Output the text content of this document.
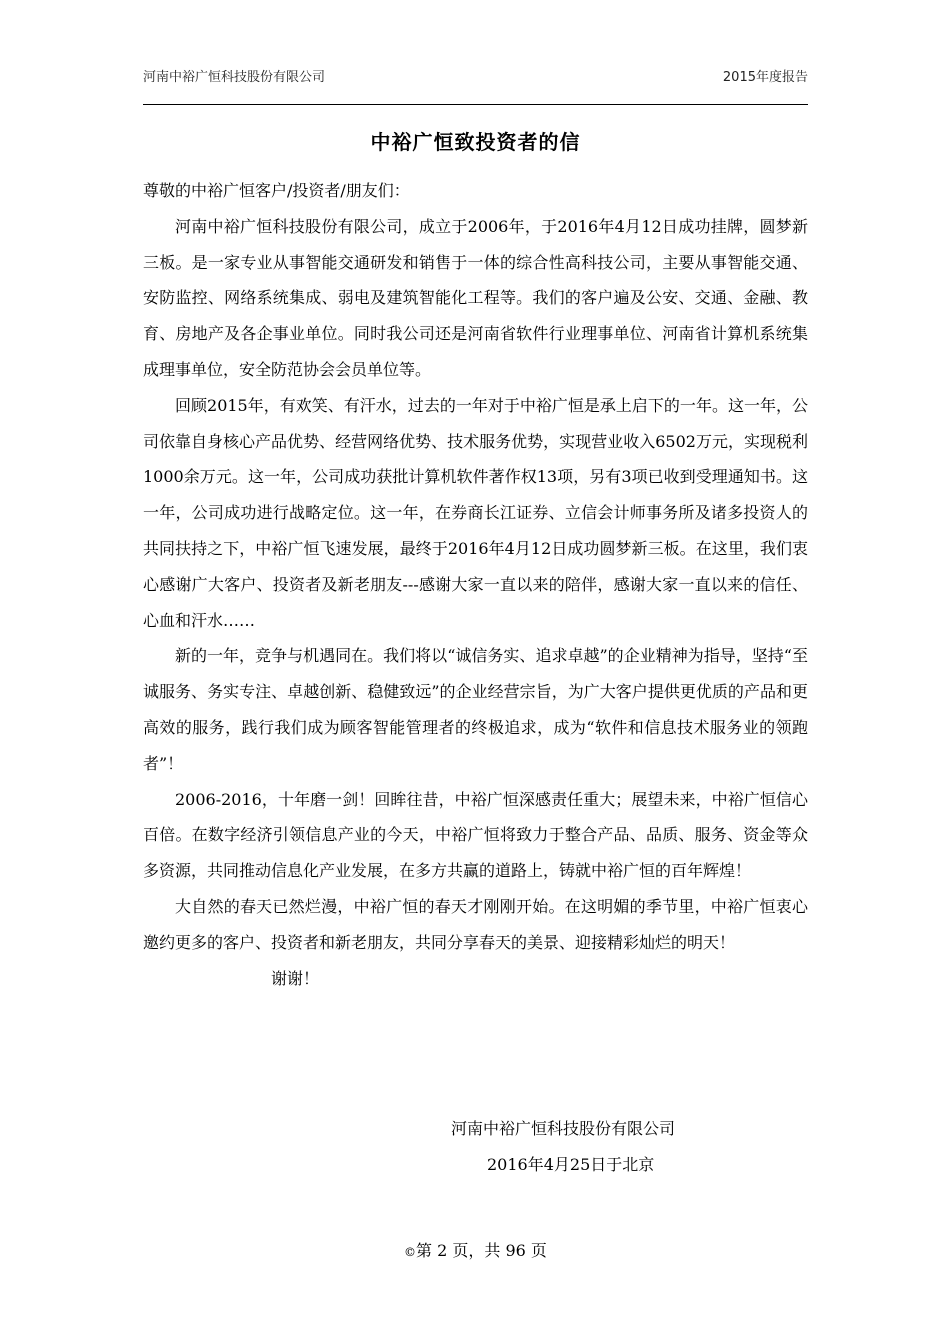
河南中裕广恒科技股份有限公司	2015年度报告
中裕广恒致投资者的信

尊敬的中裕广恒客户/投资者/朋友们：

河南中裕广恒科技股份有限公司，成立于2006年，于2016年4月12日成功挂牌，圆梦新三板。是一家专业从事智能交通研发和销售于一体的综合性高科技公司，主要从事智能交通、安防监控、网络系统集成、弱电及建筑智能化工程等。我们的客户遍及公安、交通、金融、教育、房地产及各企事业单位。同时我公司还是河南省软件行业理事单位、河南省计算机系统集成理事单位，安全防范协会会员单位等。

回顾2015年，有欢笑、有汗水，过去的一年对于中裕广恒是承上启下的一年。这一年，公司依靠自身核心产品优势、经营网络优势、技术服务优势，实现营业收入6502万元，实现税利1000余万元。这一年，公司成功获批计算机软件著作权13项，另有3项已收到受理通知书。这一年，公司成功进行战略定位。这一年，在券商长江证券、立信会计师事务所及诸多投资人的共同扶持之下，中裕广恒飞速发展，最终于2016年4月12日成功圆梦新三板。在这里，我们衷心感谢广大客户、投资者及新老朋友---感谢大家一直以来的陪伴，感谢大家一直以来的信任、心血和汗水……

新的一年，竞争与机遇同在。我们将以“诚信务实、追求卓越”的企业精神为指导，坚持“至诚服务、务实专注、卓越创新、稳健致远”的企业经营宗旨，为广大客户提供更优质的产品和更高效的服务，践行我们成为顾客智能管理者的终极追求，成为“软件和信息技术服务业的领跑者”！

2006-2016，十年磨一剑！回眸往昔，中裕广恒深感责任重大；展望未来，中裕广恒信心百倍。在数字经济引领信息产业的今天，中裕广恒将致力于整合产品、品质、服务、资金等众多资源，共同推动信息化产业发展，在多方共赢的道路上，铸就中裕广恒的百年辉煌！

大自然的春天已然烂漫，中裕广恒的春天才刚刚开始。在这明媚的季节里，中裕广恒衷心邀约更多的客户、投资者和新老朋友，共同分享春天的美景、迎接精彩灿烂的明天！

谢谢！

河南中裕广恒科技股份有限公司
2016年4月25日于北京
©第 2 页，共 96 页
